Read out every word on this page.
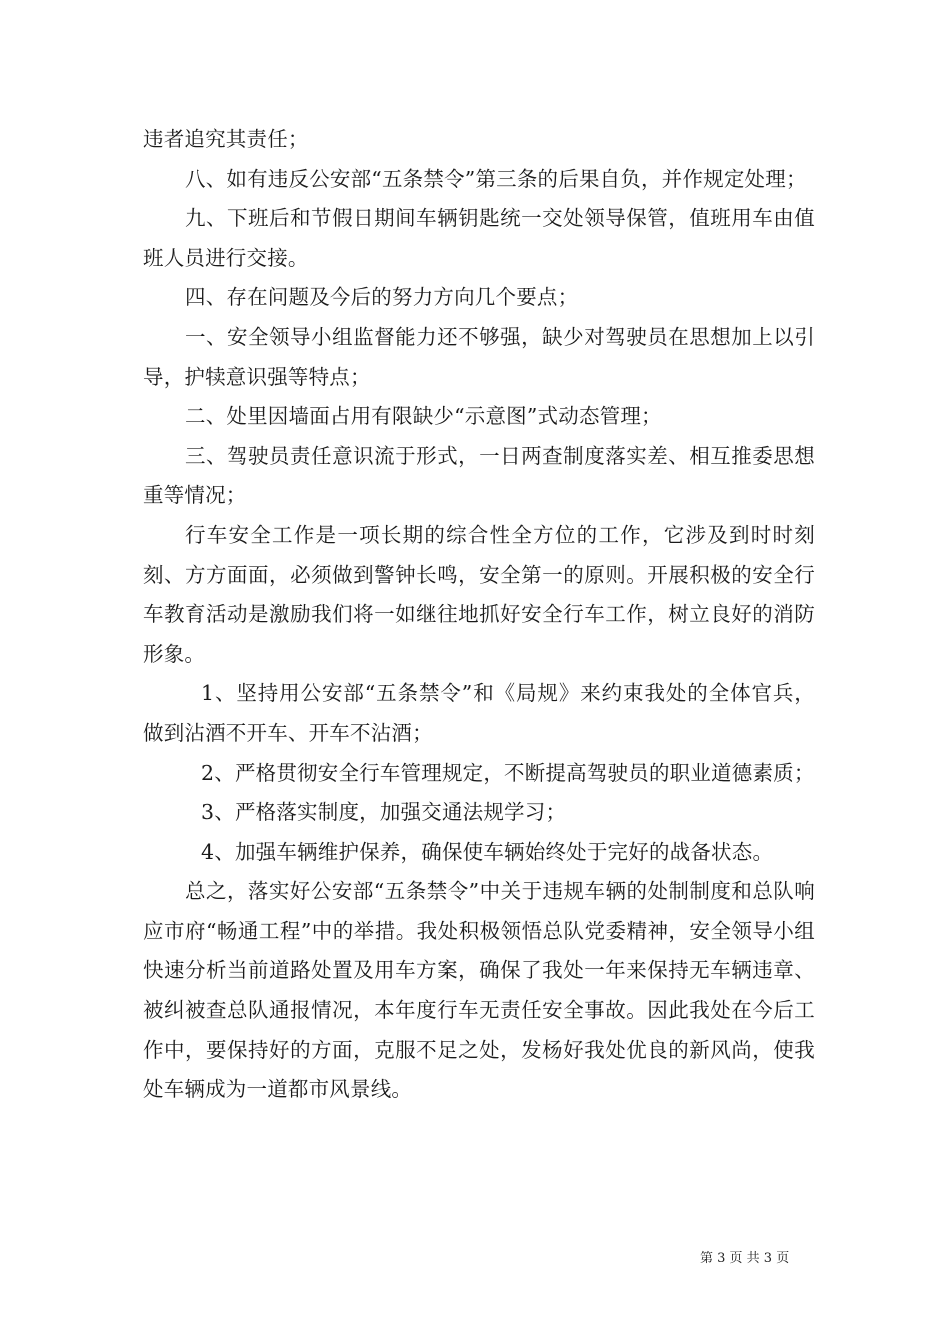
违者追究其责任；

八、如有违反公安部“五条禁令”第三条的后果自负，并作规定处理；

九、下班后和节假日期间车辆钥匙统一交处领导保管，值班用车由值班人员进行交接。

四、存在问题及今后的努力方向几个要点；

一、安全领导小组监督能力还不够强，缺少对驾驶员在思想加上以引导，护犊意识强等特点；

二、处里因墙面占用有限缺少“示意图”式动态管理；

三、驾驶员责任意识流于形式，一日两查制度落实差、相互推委思想重等情况；

行车安全工作是一项长期的综合性全方位的工作，它涉及到时时刻刻、方方面面，必须做到警钟长鸣，安全第一的原则。开展积极的安全行车教育活动是激励我们将一如继往地抓好安全行车工作，树立良好的消防形象。

1、坚持用公安部“五条禁令”和《局规》来约束我处的全体官兵，做到沾酒不开车、开车不沾酒；

2、严格贯彻安全行车管理规定，不断提高驾驶员的职业道德素质；

3、严格落实制度，加强交通法规学习；

4、加强车辆维护保养，确保使车辆始终处于完好的战备状态。

总之，落实好公安部“五条禁令”中关于违规车辆的处制制度和总队响应市府“畅通工程”中的举措。我处积极领悟总队党委精神，安全领导小组快速分析当前道路处置及用车方案，确保了我处一年来保持无车辆违章、被纠被查总队通报情况，本年度行车无责任安全事故。因此我处在今后工作中，要保持好的方面，克服不足之处，发杨好我处优良的新风尚，使我处车辆成为一道都市风景线。

第 3 页 共 3 页
